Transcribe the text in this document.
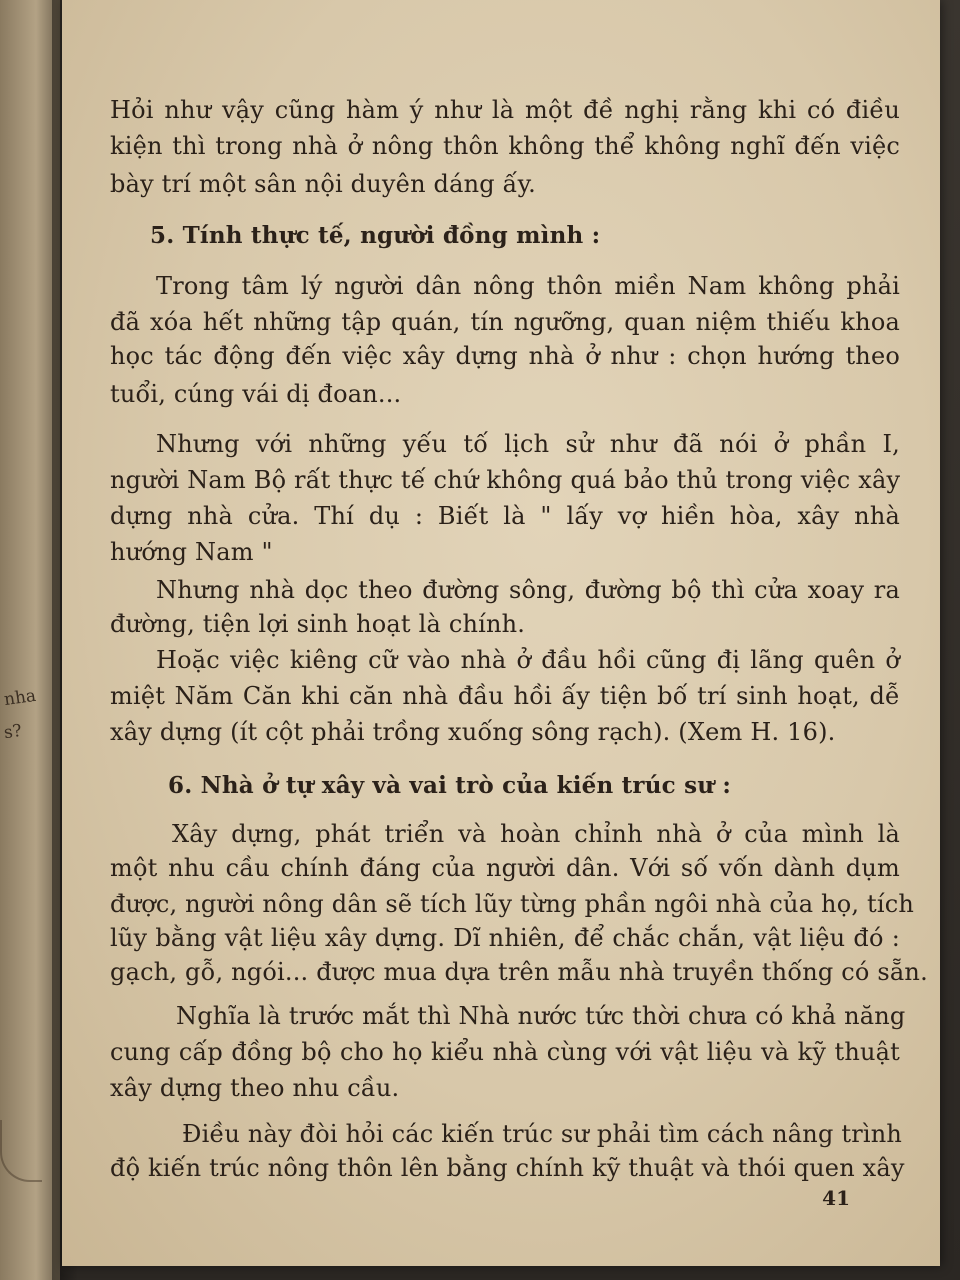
nha
s?
Hỏi như vậy cũng hàm ý như là một đề nghị rằng khi có điều
kiện thì trong nhà ở nông thôn không thể không nghĩ đến việc
bày trí một sân nội duyên dáng ấy.
5. Tính thực tế, người đồng mình :
Trong tâm lý người dân nông thôn miền Nam không phải
đã xóa hết những tập quán, tín ngưỡng, quan niệm thiếu khoa
học tác động đến việc xây dựng nhà ở như : chọn hướng theo
tuổi, cúng vái dị đoan...
Nhưng với những yếu tố lịch sử như đã nói ở phần I,
người Nam Bộ rất thực tế chứ không quá bảo thủ trong việc xây
dựng nhà cửa. Thí dụ : Biết là " lấy vợ hiền hòa, xây nhà
hướng Nam "
Nhưng nhà dọc theo đường sông, đường bộ thì cửa xoay ra
đường, tiện lợi sinh hoạt là chính.
Hoặc việc kiêng cữ vào nhà ở đầu hồi cũng đị lãng quên ở
miệt Năm Căn khi căn nhà đầu hồi ấy tiện bố trí sinh hoạt, dễ
xây dựng (ít cột phải trồng xuống sông rạch). (Xem H. 16).
6. Nhà ở tự xây và vai trò của kiến trúc sư :
Xây dựng, phát triển và hoàn chỉnh nhà ở của mình là
một nhu cầu chính đáng của người dân. Với số vốn dành dụm
được, người nông dân sẽ tích lũy từng phần ngôi nhà của họ, tích
lũy bằng vật liệu xây dựng. Dĩ nhiên, để chắc chắn, vật liệu đó :
gạch, gỗ, ngói... được mua dựa trên mẫu nhà truyền thống có sẵn.
Nghĩa là trước mắt thì Nhà nước tức thời chưa có khả năng
cung cấp đồng bộ cho họ kiểu nhà cùng với vật liệu và kỹ thuật
xây dựng theo nhu cầu.
Điều này đòi hỏi các kiến trúc sư phải tìm cách nâng trình
độ kiến trúc nông thôn lên bằng chính kỹ thuật và thói quen xây
41
